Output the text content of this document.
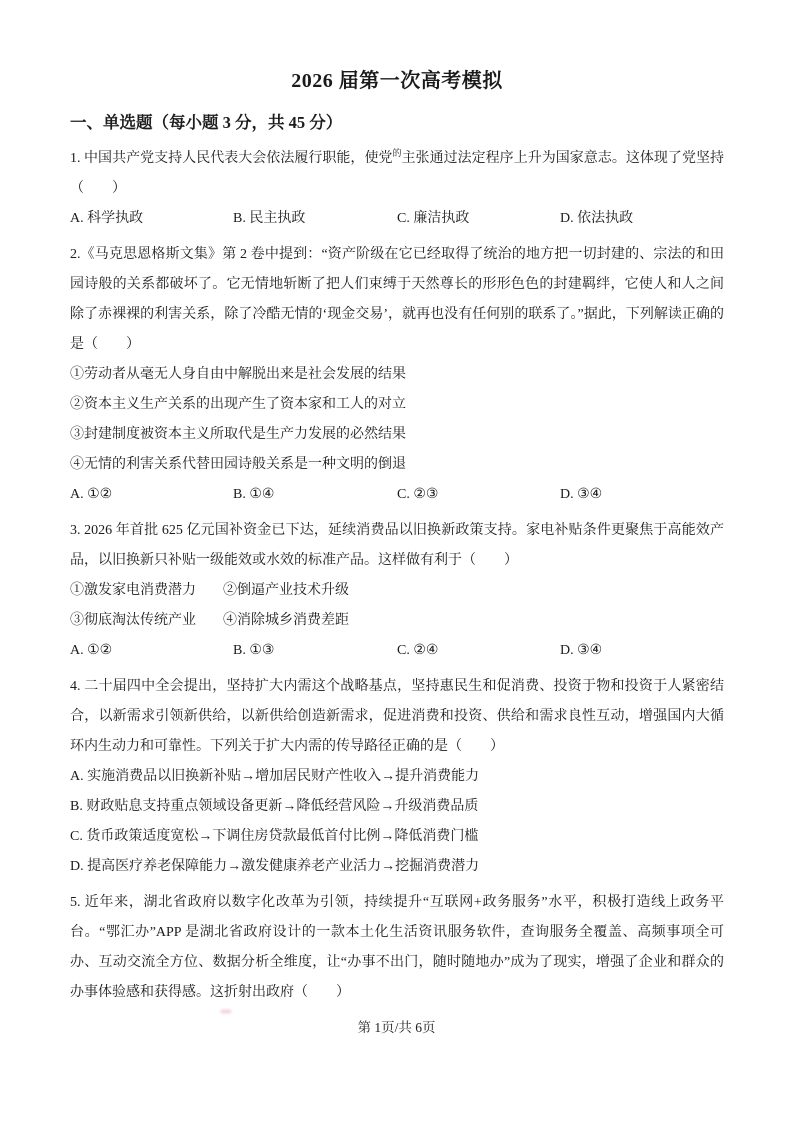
2026 届第一次高考模拟
一、单选题（每小题 3 分，共 45 分）

1. 中国共产党支持人民代表大会依法履行职能，使党$^的$主张通过法定程序上升为国家意志。这体现了党坚持（　　）

A. 科学执政	B. 民主执政	C. 廉洁执政	D. 依法执政

2.《马克思恩格斯文集》第 2 卷中提到：“资产阶级在它已经取得了统治的地方把一切封建的、宗法的和田园诗般的关系都破坏了。它无情地斩断了把人们束缚于天然尊长的形形色色的封建羁绊，它使人和人之间除了赤裸裸的利害关系，除了冷酷无情的‘现金交易’，就再也没有任何别的联系了。”据此，下列解读正确的是（　　）

①劳动者从毫无人身自由中解脱出来是社会发展的结果

②资本主义生产关系的出现产生了资本家和工人的对立

③封建制度被资本主义所取代是生产力发展的必然结果

④无情的利害关系代替田园诗般关系是一种文明的倒退

A. ①②	B. ①④	C. ②③	D. ③④

3. 2026 年首批 625 亿元国补资金已下达，延续消费品以旧换新政策支持。家电补贴条件更聚焦于高能效产品，以旧换新只补贴一级能效或水效的标准产品。这样做有利于（　　）

①激发家电消费潜力	②倒逼产业技术升级
③彻底淘汰传统产业	④消除城乡消费差距
A. ①②	B. ①③	C. ②④	D. ③④

4. 二十届四中全会提出，坚持扩大内需这个战略基点，坚持惠民生和促消费、投资于物和投资于人紧密结合，以新需求引领新供给，以新供给创造新需求，促进消费和投资、供给和需求良性互动，增强国内大循环内生动力和可靠性。下列关于扩大内需的传导路径正确的是（　　）

A. 实施消费品以旧换新补贴→增加居民财产性收入→提升消费能力

B. 财政贴息支持重点领域设备更新→降低经营风险→升级消费品质

C. 货币政策适度宽松→下调住房贷款最低首付比例→降低消费门槛

D. 提高医疗养老保障能力→激发健康养老产业活力→挖掘消费潜力

5. 近年来，湖北省政府以数字化改革为引领，持续提升“互联网+政务服务”水平，积极打造线上政务平台。“鄂汇办”APP 是湖北省政府设计的一款本土化生活资讯服务软件，查询服务全覆盖、高频事项全可办、互动交流全方位、数据分析全维度，让“办事不出门，随时随地办”成为了现实，增强了企业和群众的办事体验感和获得感。这折射出政府（　　）

第 1页/共 6页
